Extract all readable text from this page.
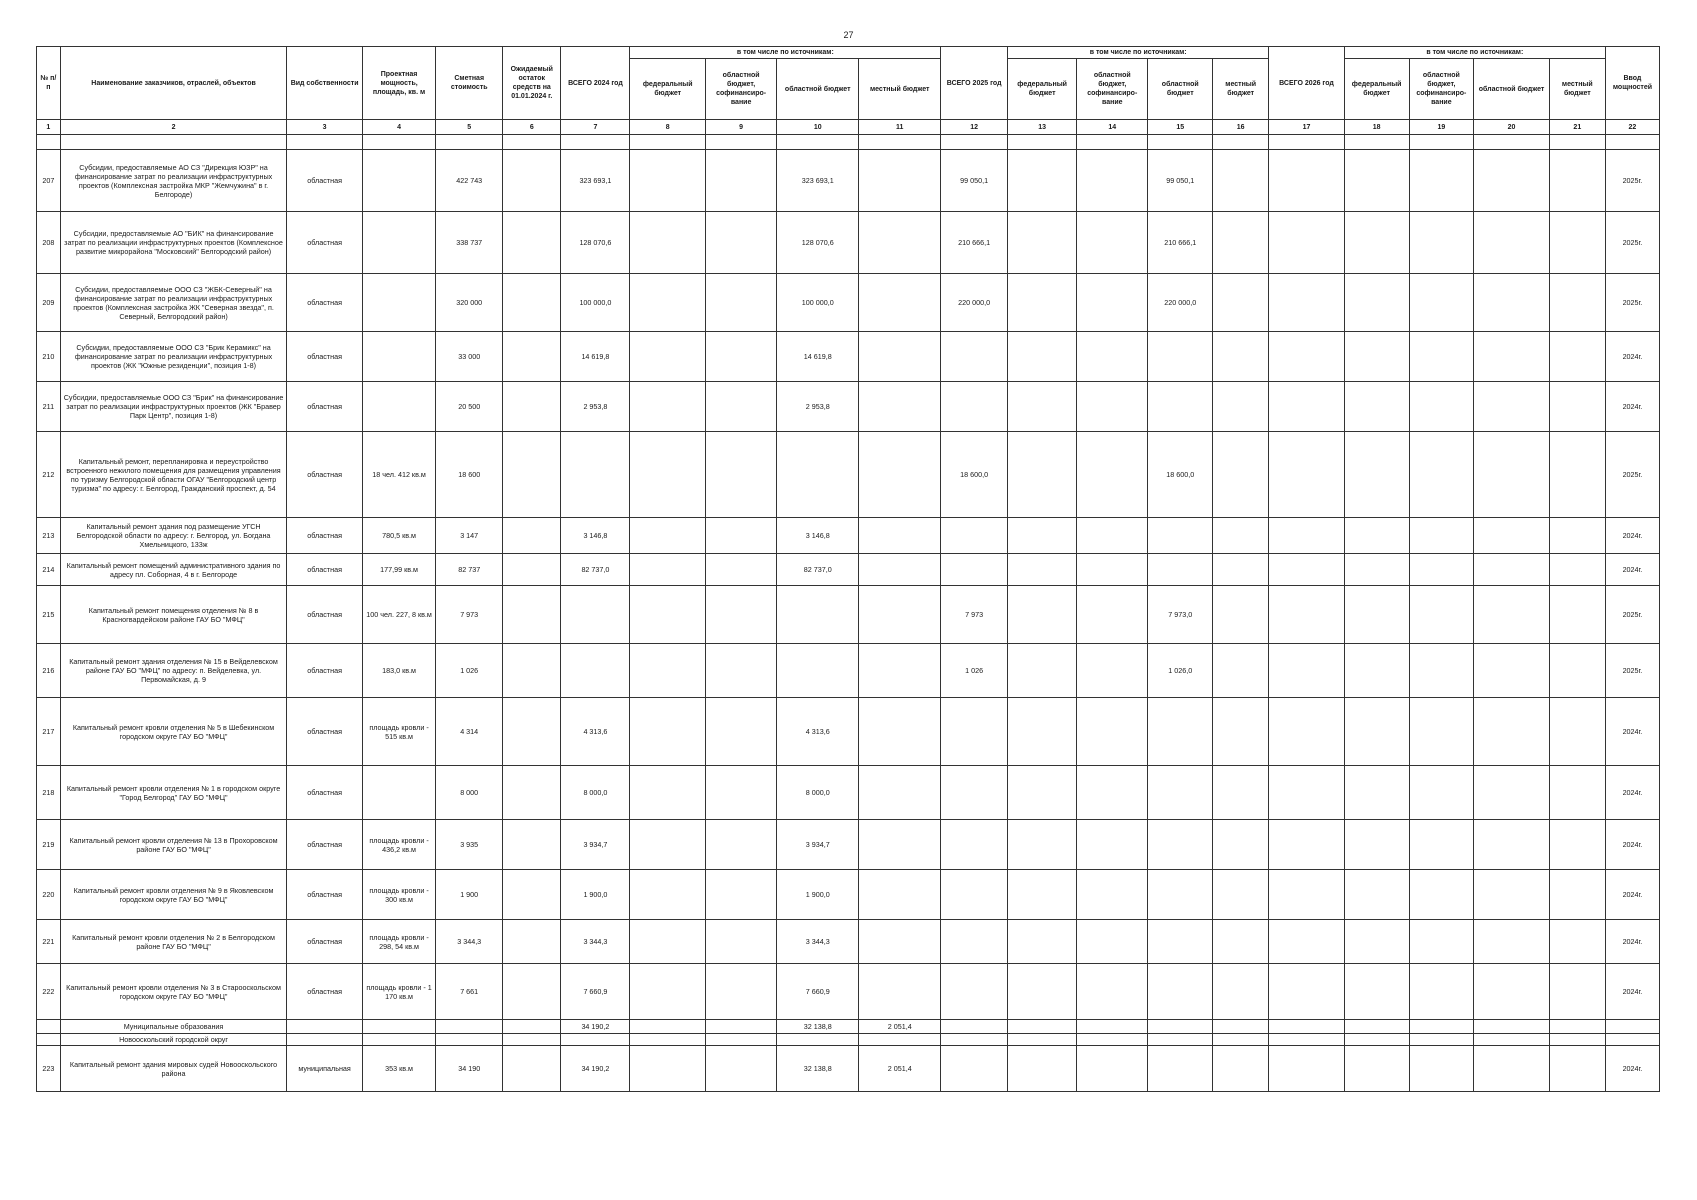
27
№ п/п	Наименование заказчиков, отраслей, объектов	Вид собственности	Проектная мощность, площадь, кв. м	Сметная стоимость	Ожидаемый остаток средств на 01.01.2024 г.	ВСЕГО 2024 год	в том числе по источникам:				ВСЕГО 2025 год	в том числе по источникам:				ВСЕГО 2026 год	в том числе по источникам:				Ввод мощностей
							федеральный бюджет	областной бюджет, софинансиро-вание	областной бюджет	местный бюджет		федеральный бюджет	областной бюджет, софинансиро-вание	областной бюджет	местный бюджет		федеральный бюджет	областной бюджет, софинансиро-вание	областной бюджет	местный бюджет	
1	2	3	4	5	6	7	8	9	10	11	12	13	14	15	16	17	18	19	20	21	22

207	Субсидии, предоставляемые АО СЗ "Дирекция ЮЗР" на финансирование затрат по реализации инфраструктурных проектов (Комплексная застройка МКР "Жемчужина" в г. Белгороде)	областная		422 743		323 693,1			323 693,1		99 050,1			99 050,1							2025г.
208	Субсидии, предоставляемые АО "БИК" на финансирование затрат по реализации инфраструктурных проектов (Комплексное развитие микрорайона "Московский" Белгородский район)	областная		338 737		128 070,6			128 070,6		210 666,1			210 666,1							2025г.
209	Субсидии, предоставляемые ООО СЗ "ЖБК-Северный" на финансирование затрат по реализации инфраструктурных проектов (Комплексная застройка ЖК "Северная звезда", п. Северный, Белгородский район)	областная		320 000		100 000,0			100 000,0		220 000,0			220 000,0							2025г.
210	Субсидии, предоставляемые ООО СЗ "Брик Керамикс" на финансирование затрат по реализации инфраструктурных проектов (ЖК "Южные резиденции", позиция 1-8)	областная		33 000		14 619,8			14 619,8												2024г.
211	Субсидии, предоставляемые ООО СЗ "Брик" на финансирование затрат по реализации инфраструктурных проектов (ЖК "Бравер Парк Центр", позиция 1-8)	областная		20 500		2 953,8			2 953,8												2024г.
212	Капитальный ремонт, перепланировка и переустройство встроенного нежилого помещения для размещения управления по туризму Белгородской области ОГАУ "Белгородский центр туризма" по адресу: г. Белгород, Гражданский проспект, д. 54	областная	18 чел. 412 кв.м	18 600							18 600,0			18 600,0							2025г.
213	Капитальный ремонт здания под размещение УГСН Белгородской области по адресу: г. Белгород, ул. Богдана Хмельницкого, 133ж	областная	780,5 кв.м	3 147		3 146,8			3 146,8												2024г.
214	Капитальный ремонт помещений административного здания по адресу пл. Соборная, 4 в г. Белгороде	областная	177,99 кв.м	82 737		82 737,0			82 737,0												2024г.
215	Капитальный ремонт помещения отделения № 8 в Красногвардейском районе ГАУ БО "МФЦ"	областная	100 чел. 227, 8 кв.м	7 973							7 973			7 973,0							2025г.
216	Капитальный ремонт здания отделения № 15 в Вейделевском районе ГАУ БО "МФЦ" по адресу: п. Вейделевка, ул. Первомайская, д. 9	областная	183,0 кв.м	1 026							1 026			1 026,0							2025г.
217	Капитальный ремонт кровли отделения № 5 в Шебекинском городском округе ГАУ БО "МФЦ"	областная	площадь кровли - 515 кв.м	4 314		4 313,6			4 313,6												2024г.
218	Капитальный ремонт кровли отделения № 1 в городском округе "Город Белгород" ГАУ БО "МФЦ"	областная		8 000		8 000,0			8 000,0												2024г.
219	Капитальный ремонт кровли отделения № 13 в Прохоровском районе ГАУ БО "МФЦ"	областная	площадь кровли - 436,2 кв.м	3 935		3 934,7			3 934,7												2024г.
220	Капитальный ремонт кровли отделения № 9 в Яковлевском городском округе ГАУ БО "МФЦ"	областная	площадь кровли - 300 кв.м	1 900		1 900,0			1 900,0												2024г.
221	Капитальный ремонт кровли отделения № 2 в Белгородском районе ГАУ БО "МФЦ"	областная	площадь кровли - 298, 54 кв.м	3 344,3		3 344,3			3 344,3												2024г.
222	Капитальный ремонт кровли отделения № 3 в Старооскольском городском округе ГАУ БО "МФЦ"	областная	площадь кровли - 1 170 кв.м	7 661		7 660,9			7 660,9												2024г.
	Муниципальные образования					34 190,2			32 138,8	2 051,4											
	Новооскольский городской округ																				
223	Капитальный ремонт здания мировых судей Новооскольского района	муниципальная	353 кв.м	34 190		34 190,2			32 138,8	2 051,4											2024г.
